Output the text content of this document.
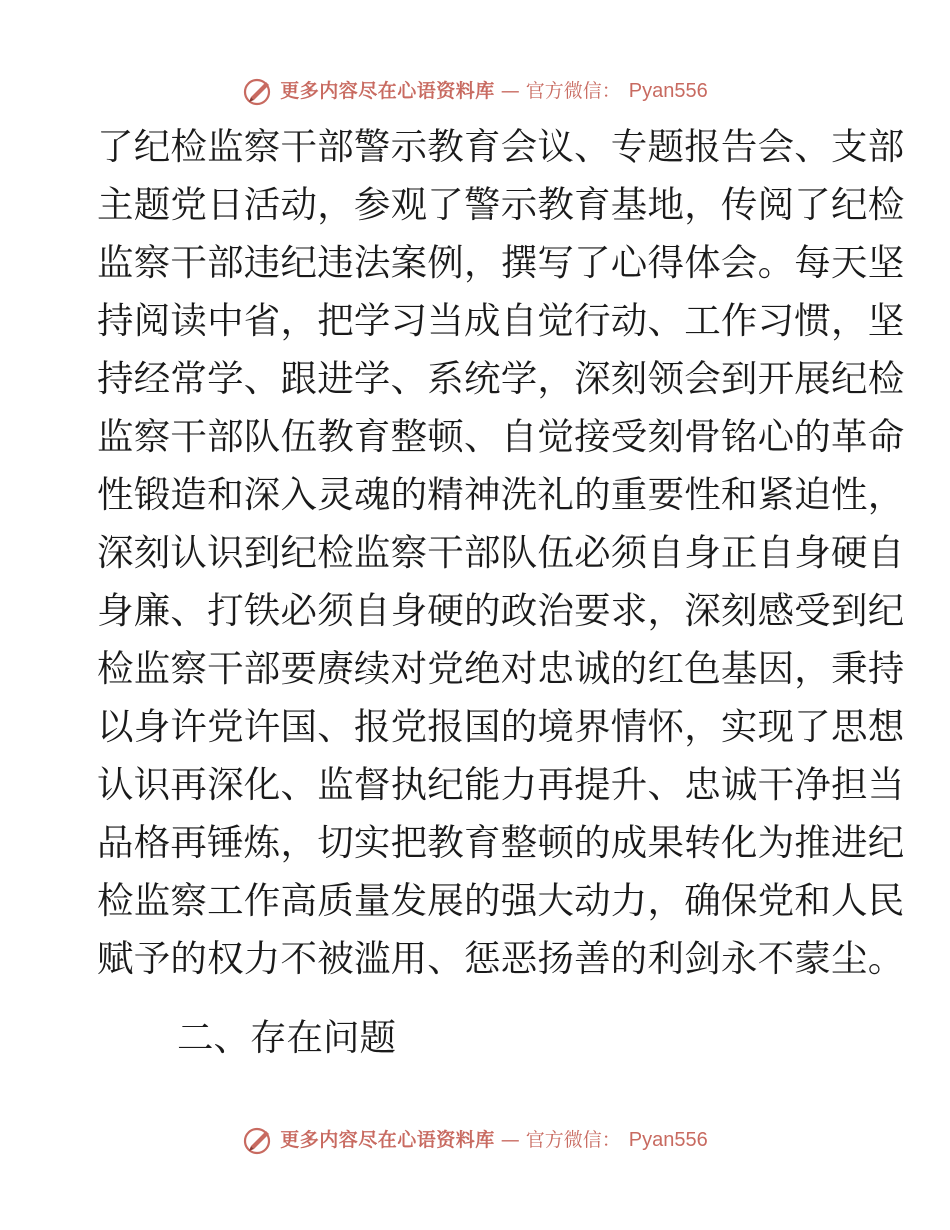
更多内容尽在心语资料库 — 官方微信： Pyan556
了纪检监察干部警示教育会议、专题报告会、支部
主题党日活动，参观了警示教育基地，传阅了纪检
监察干部违纪违法案例，撰写了心得体会。每天坚
持阅读中省，把学习当成自觉行动、工作习惯，坚
持经常学、跟进学、系统学，深刻领会到开展纪检
监察干部队伍教育整顿、自觉接受刻骨铭心的革命
性锻造和深入灵魂的精神洗礼的重要性和紧迫性，
深刻认识到纪检监察干部队伍必须自身正自身硬自
身廉、打铁必须自身硬的政治要求，深刻感受到纪
检监察干部要赓续对党绝对忠诚的红色基因，秉持
以身许党许国、报党报国的境界情怀，实现了思想
认识再深化、监督执纪能力再提升、忠诚干净担当
品格再锤炼，切实把教育整顿的成果转化为推进纪
检监察工作高质量发展的强大动力，确保党和人民
赋予的权力不被滥用、惩恶扬善的利剑永不蒙尘。
二、存在问题
更多内容尽在心语资料库 — 官方微信： Pyan556
